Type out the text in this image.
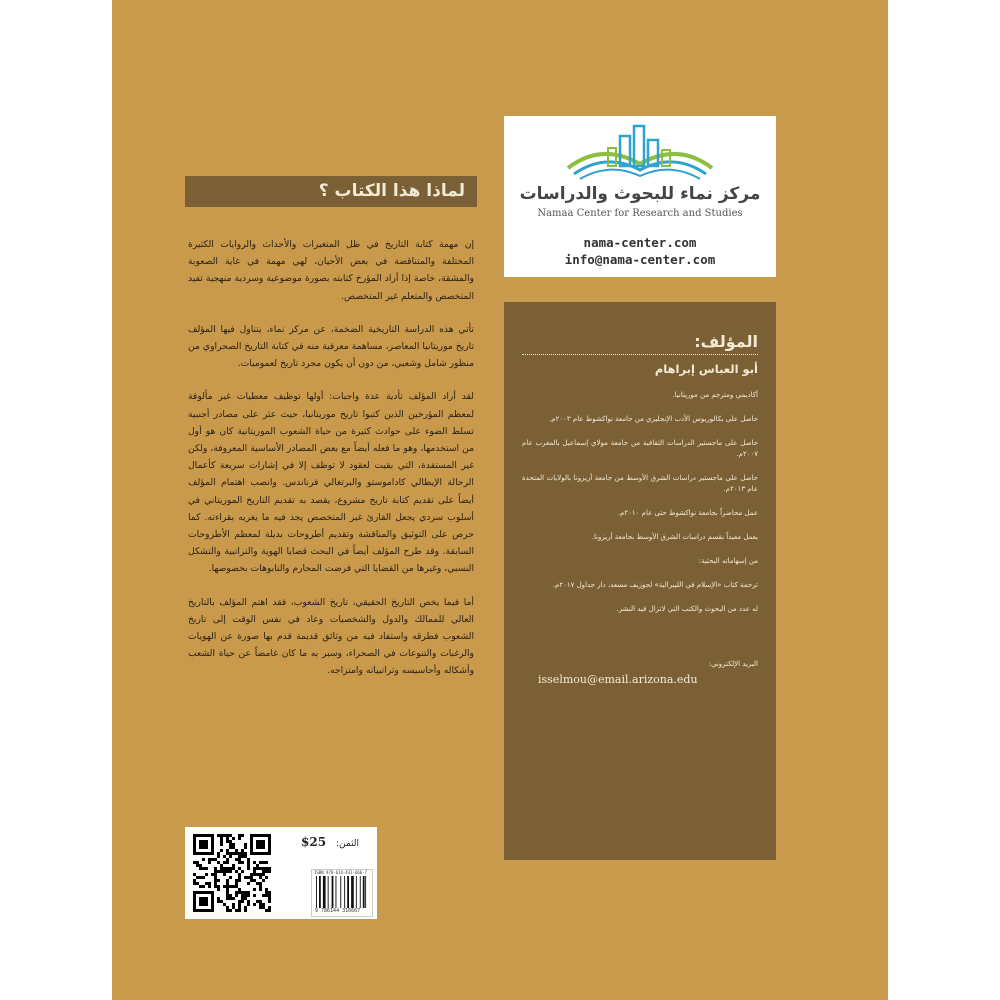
مركز نماء للبحوث والدراسات
Namaa Center for Research and Studies
nama-center.com
info@nama-center.com
لماذا هذا الكتاب ؟

إن مهمة كتابة التاريخ في ظل المتغيرات والأحداث والروايات الكثيرة المختلفة والمتناقضة في بعض الأحيان، لهي مهمة في غاية الصعوبة والمشقة، خاصة إذا أراد المؤرخ كتابته بصورة موضوعية وسردية منهجية تفيد المتخصص والمتعلم غير المتخصص.

تأتي هذه الدراسة التاريخية الضخمة، عن مركز نماء، يتناول فيها المؤلف تاريخ موريتانيا المعاصر، مساهمة معرفية منه في كتابة التاريخ الصحراوي من منظور شامل وشعبي، من دون أن يكون مجرد تاريخ لعموميات.

لقد أراد المؤلف تأدية عدة واجبات: أولها توظيف معطيات غير مألوفة لمعظم المؤرخين الذين كتبوا تاريخ موريتانيا، حيث عثر على مصادر أجنبية تسلط الضوء على حوادث كثيرة من حياة الشعوب الموريتانية كان هو أول من استخدمها، وهو ما فعله أيضاً مع بعض المصادر الأساسية المعروفة، ولكن غير المستفدة، التي بقيت لعقود لا توظف إلا في إشارات سريعة كأعمال الرحالة الإيطالي كاداموستو والبرتغالي فرناندس. وانصب اهتمام المؤلف أيضاً على تقديم كتابة تاريخ مشروع، يقصد به تقديم التاريخ الموريتاني في أسلوب سردي يجعل القارئ غير المتخصص يجد فيه ما يغريه بقراءته. كما حرص على التوثيق والمناقشة وتقديم أطروحات بديلة لمعظم الأطروحات السابقة. وقد طرح المؤلف أيضاً في البحث قضايا الهوية والتراتبية والتشكل النسبي، وغيرها من القضايا التي فرضت المحارم والتابوهات بخصوصها.

أما فيما يخص التاريخ الحقيقي، تاريخ الشعوب، فقد اهتم المؤلف بالتاريخ العالي للممالك والدول والشخصيات وعاد في نفس الوقت إلى تاريخ الشعوب فطرقه واستفاد فيه من وثائق قديمة قدم بها صورة عن الهويات والرغبات والتنوعات في الصحراء، وسبر به ما كان غامضاً عن حياة الشعب وأشكاله وأحاسيسه وتراتبياته وامتزاجه.

المؤلف:
أبو العباس إبراهام

أكاديمي ومترجم من موريتانيا.

حاصل على بكالوريوس الأدب الإنجليزي من جامعة نواكشوط عام ٢٠٠٣م.

حاصل على ماجستير الدراسات الثقافية من جامعة مولاي إسماعيل بالمغرب عام ٢٠٠٧م.

حاصل على ماجستير دراسات الشرق الأوسط من جامعة أريزونا بالولايات المتحدة عام ٢٠١٣م.

عمل محاضراً بجامعة نواكشوط حتى عام ٢٠١٠م.

يعمل معيداً بقسم دراسات الشرق الأوسط بجامعة أريزونا.

من إسهاماته البحثية:

ترجمة كتاب «الإسلام في الليبرالية» لجوزيف مسعد، دار جداول ٢٠١٧م.

له عدد من البحوث والكتب التي لاتزال قيد النشر.

البريد الإلكتروني:
isselmou@email.arizona.edu
الثمن:
$25
ISBN 978-614-431-666-7
9 786144 316667
